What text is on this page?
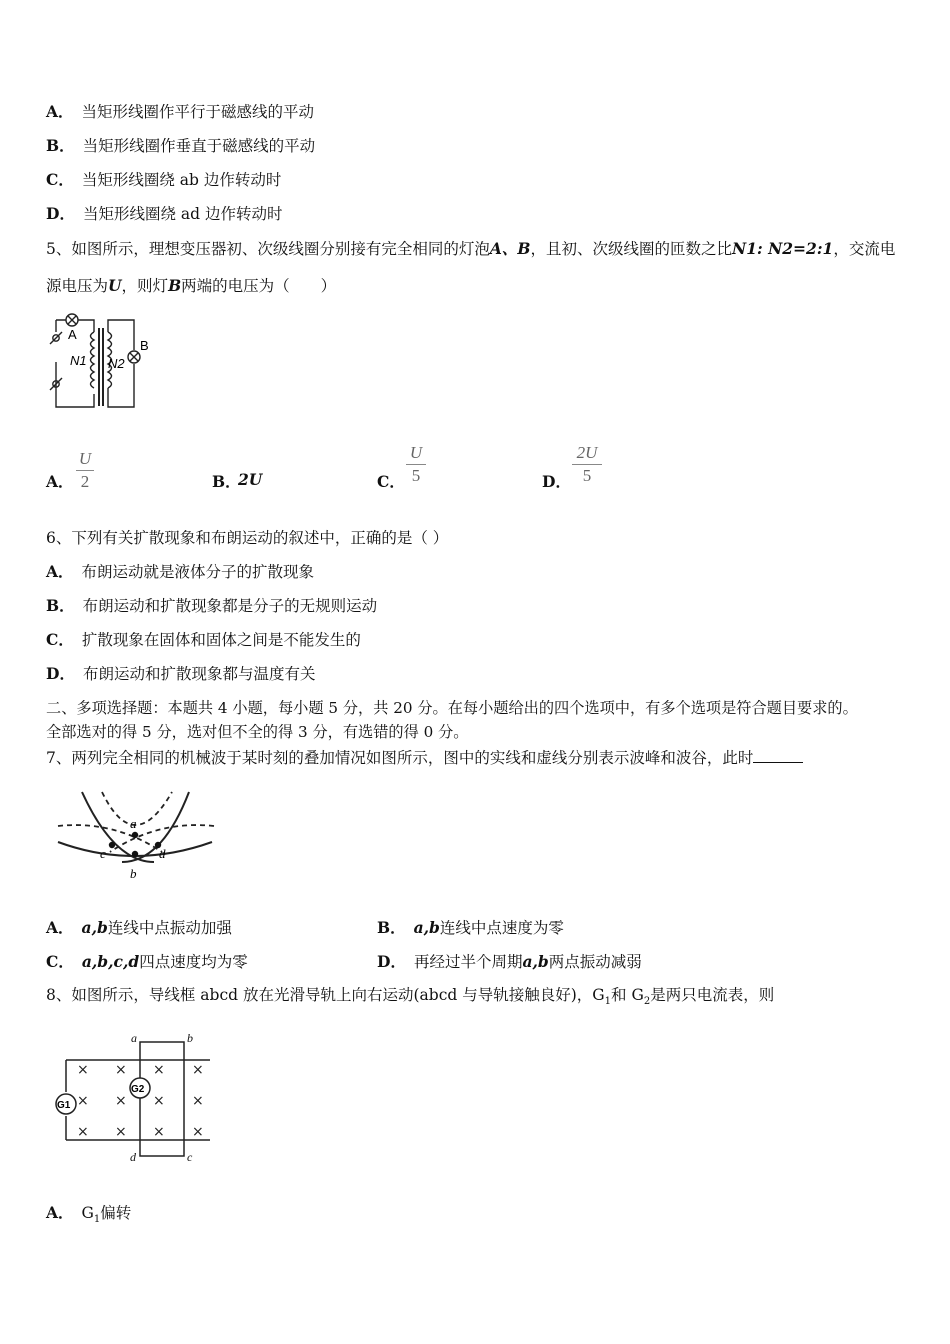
A． 当矩形线圈作平行于磁感线的平动
B． 当矩形线圈作垂直于磁感线的平动
C． 当矩形线圈绕 ab 边作转动时
D． 当矩形线圈绕 ad 边作转动时
5、如图所示，理想变压器初、次级线圈分别接有完全相同的灯泡A、B，且初、次级线圈的匝数之比N1: N2=2:1，交流电
源电压为U，则灯B两端的电压为（　　）
A
B
N1 N2
A．
U
2	B．
2U	C．
U
5	D．
2U
5
6、下列有关扩散现象和布朗运动的叙述中，正确的是（ ）
A． 布朗运动就是液体分子的扩散现象
B． 布朗运动和扩散现象都是分子的无规则运动
C． 扩散现象在固体和固体之间是不能发生的
D． 布朗运动和扩散现象都与温度有关
二、多项选择题：本题共 4 小题，每小题 5 分，共 20 分。在每小题给出的四个选项中，有多个选项是符合题目要求的。
全部选对的得 5 分，选对但不全的得 3 分，有选错的得 0 分。
7、两列完全相同的机械波于某时刻的叠加情况如图所示，图中的实线和虚线分别表示波峰和波谷，此时
a
b
c	d
A． a,b连线中点振动加强	B． a,b连线中点速度为零
C． a,b,c,d四点速度均为零	D． 再经过半个周期a,b两点振动减弱
8、如图所示，导线框 abcd 放在光滑导轨上向右运动(abcd 与导轨接触良好)，$G_1$和 $G_2$是两只电流表，则
× × × ×
× × × ×
× × × ×
a	b
c
d
G1
G2
A． $G_1$偏转
